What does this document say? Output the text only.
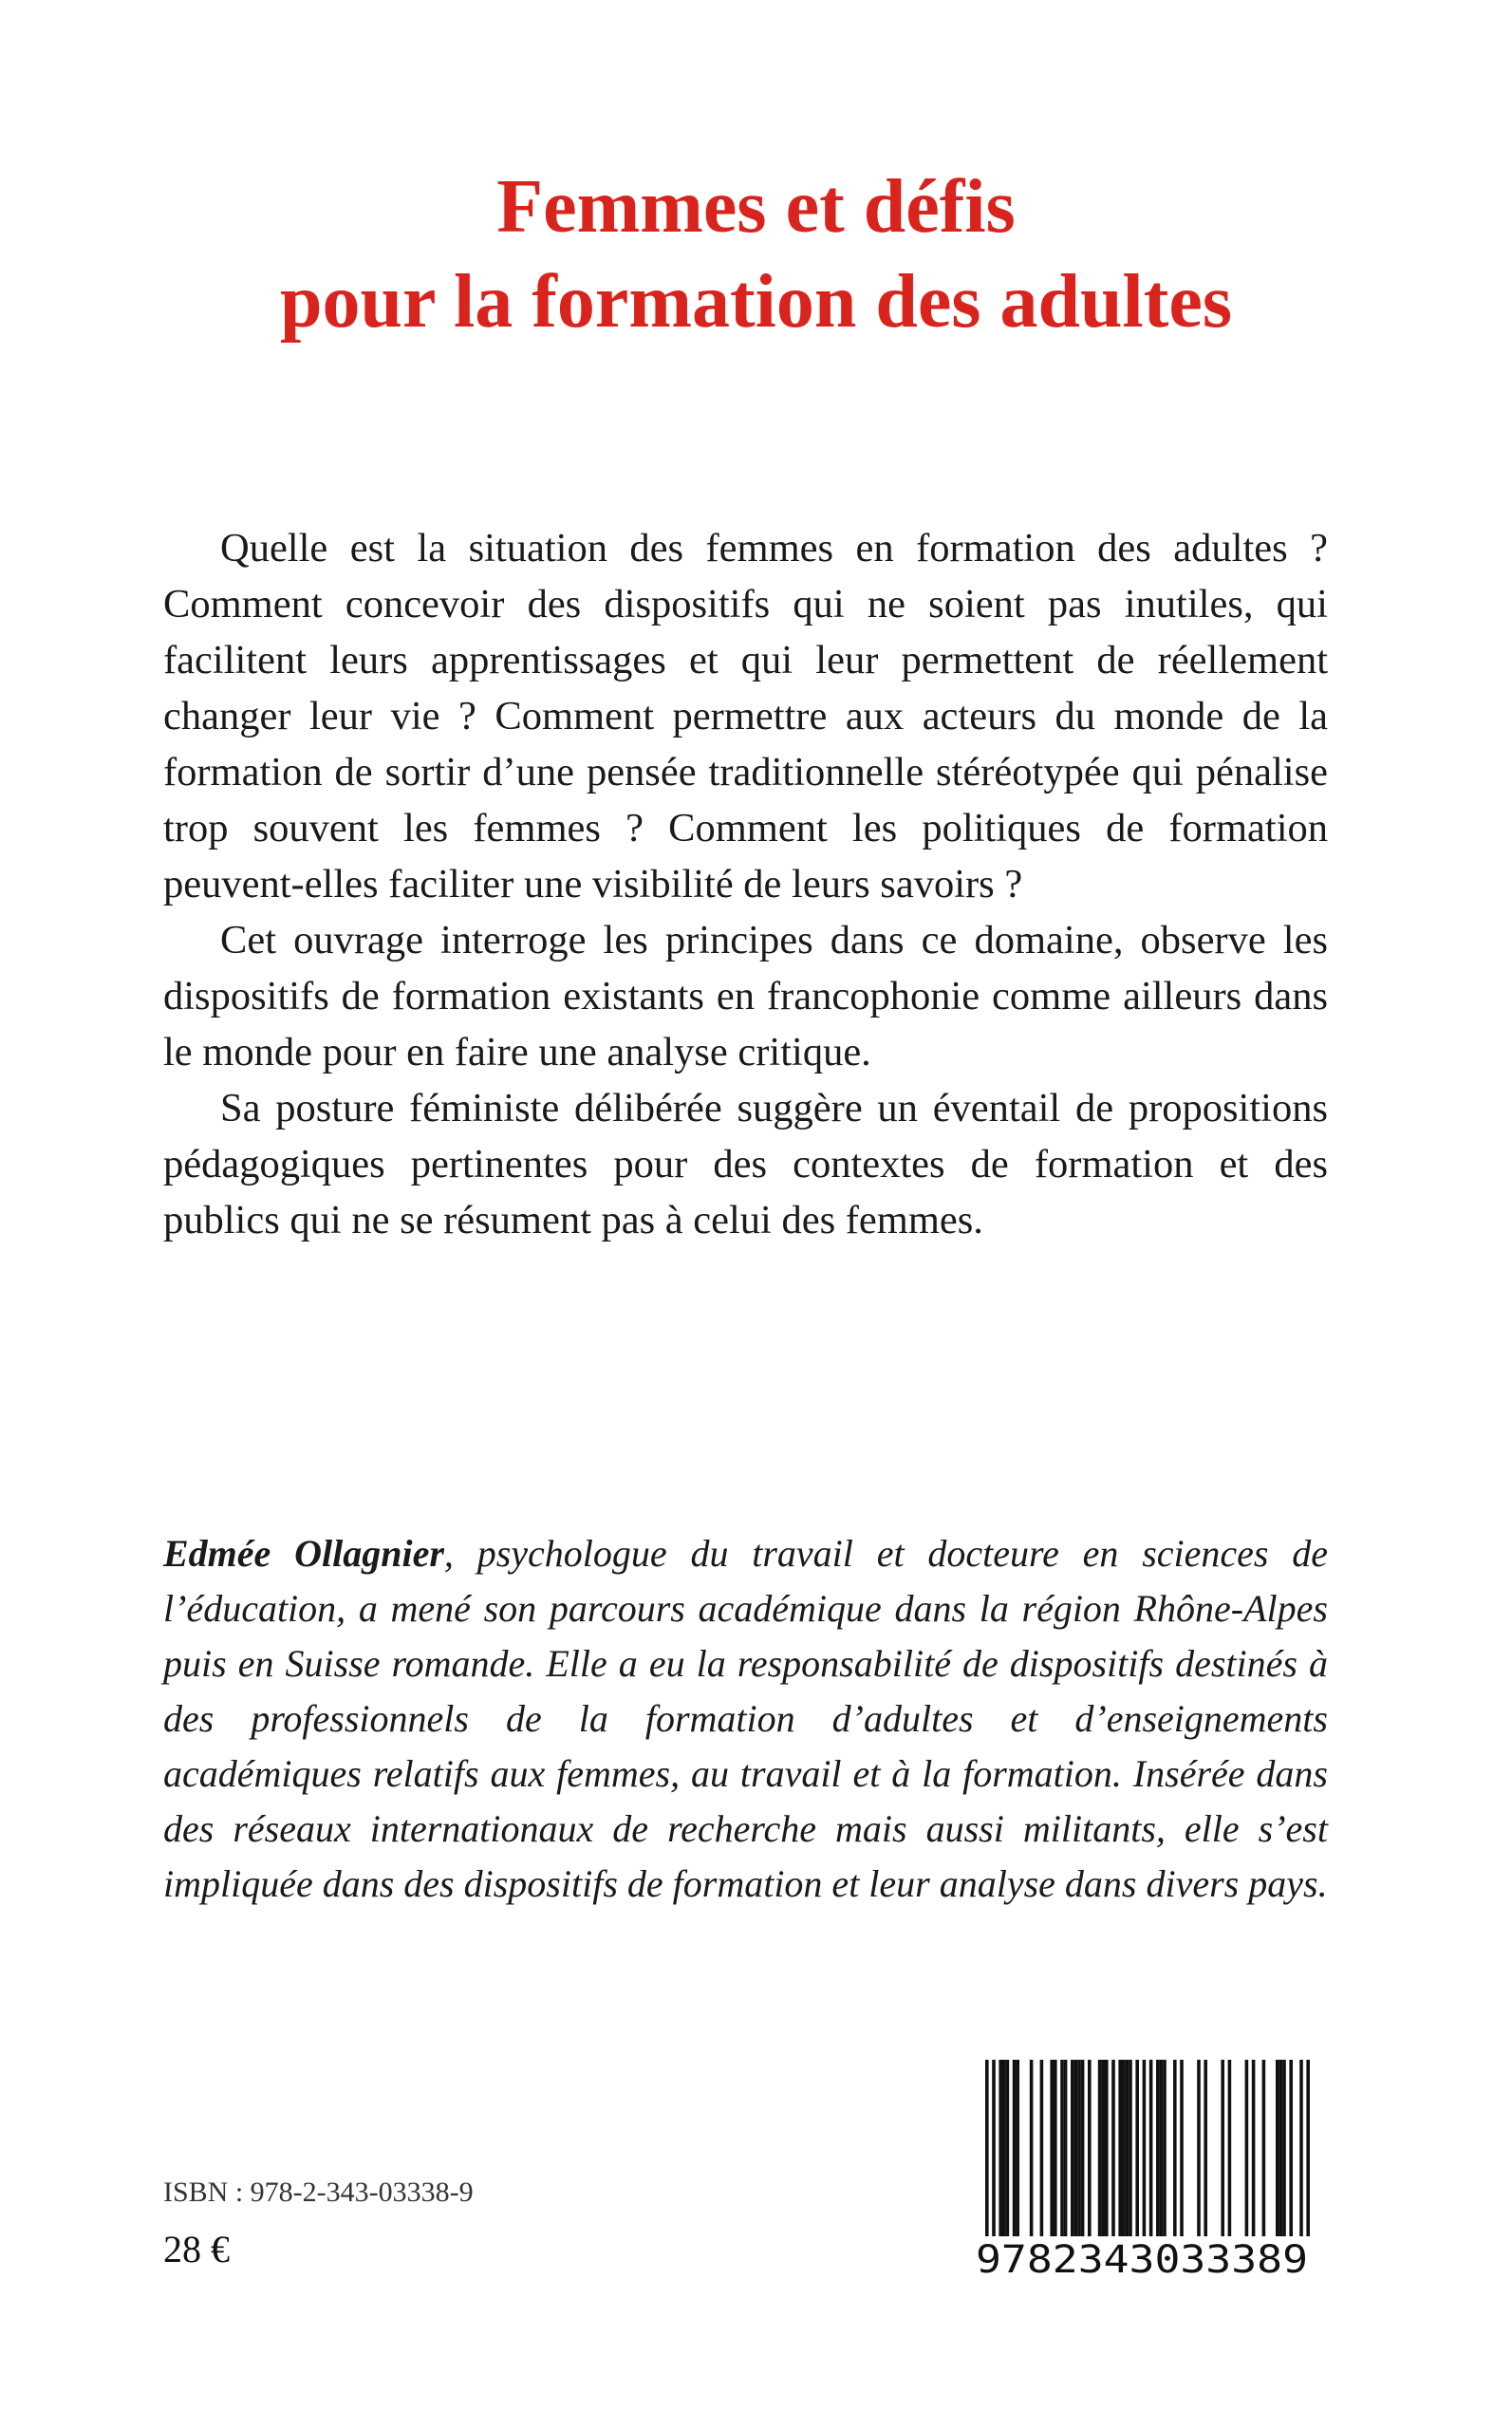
Femmes et défis
pour la formation des adultes

Quelle est la situation des femmes en formation des adultes ? Comment concevoir des dispositifs qui ne soient pas inutiles, qui facilitent leurs apprentissages et qui leur permettent de réellement changer leur vie ? Comment permettre aux acteurs du monde de la formation de sortir d’une pensée traditionnelle stéréotypée qui pénalise trop souvent les femmes ? Comment les politiques de formation peuvent-elles faciliter une visibilité de leurs savoirs ?

Cet ouvrage interroge les principes dans ce domaine, observe les dispositifs de formation existants en francophonie comme ailleurs dans le monde pour en faire une analyse critique.

Sa posture féministe délibérée suggère un éventail de propositions pédagogiques pertinentes pour des contextes de formation et des publics qui ne se résument pas à celui des femmes.

Edmée Ollagnier, psychologue du travail et docteure en sciences de l’éducation, a mené son parcours académique dans la région Rhône-Alpes puis en Suisse romande. Elle a eu la responsabilité de dispositifs destinés à des professionnels de la formation d’adultes et d’enseignements académiques relatifs aux femmes, au travail et à la formation. Insérée dans des réseaux internationaux de recherche mais aussi militants, elle s’est impliquée dans des dispositifs de formation et leur analyse dans divers pays.

ISBN : 978-2-343-03338-9
28 €	9782343033389
